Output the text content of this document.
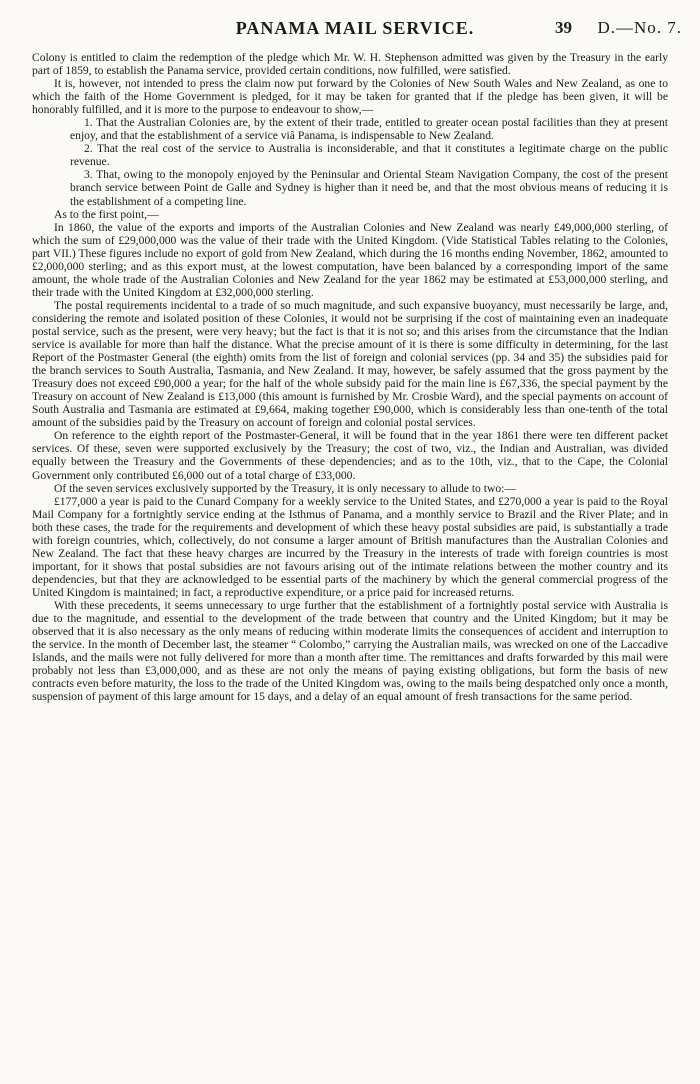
PANAMA MAIL SERVICE.	39 D.—No. 7.

Colony is entitled to claim the redemption of the pledge which Mr. W. H. Stephenson admitted was given by the Treasury in the early part of 1859, to establish the Panama service, provided certain conditions, now fulfilled, were satisfied.

It is, however, not intended to press the claim now put forward by the Colonies of New South Wales and New Zealand, as one to which the faith of the Home Government is pledged, for it may be taken for granted that if the pledge has been given, it will be honorably fulfilled, and it is more to the purpose to endeavour to show,—

1. That the Australian Colonies are, by the extent of their trade, entitled to greater ocean postal facilities than they at present enjoy, and that the establishment of a service viâ Panama, is indispensable to New Zealand.

2. That the real cost of the service to Australia is inconsiderable, and that it constitutes a legitimate charge on the public revenue.

3. That, owing to the monopoly enjoyed by the Peninsular and Oriental Steam Navigation Company, the cost of the present branch service between Point de Galle and Sydney is higher than it need be, and that the most obvious means of reducing it is the establishment of a competing line.

As to the first point,—

In 1860, the value of the exports and imports of the Australian Colonies and New Zealand was nearly £49,000,000 sterling, of which the sum of £29,000,000 was the value of their trade with the United Kingdom. (Vide Statistical Tables relating to the Colonies, part VII.) These figures include no export of gold from New Zealand, which during the 16 months ending November, 1862, amounted to £2,000,000 sterling; and as this export must, at the lowest computation, have been balanced by a corresponding import of the same amount, the whole trade of the Australian Colonies and New Zealand for the year 1862 may be estimated at £53,000,000 sterling, and their trade with the United Kingdom at £32,000,000 sterling.

The postal requirements incidental to a trade of so much magnitude, and such expansive buoyancy, must necessarily be large, and, considering the remote and isolated position of these Colonies, it would not be surprising if the cost of maintaining even an inadequate postal service, such as the present, were very heavy; but the fact is that it is not so; and this arises from the circumstance that the Indian service is available for more than half the distance. What the precise amount of it is there is some difficulty in determining, for the last Report of the Postmaster General (the eighth) omits from the list of foreign and colonial services (pp. 34 and 35) the subsidies paid for the branch services to South Australia, Tasmania, and New Zealand. It may, however, be safely assumed that the gross payment by the Treasury does not exceed £90,000 a year; for the half of the whole subsidy paid for the main line is £67,336, the special payment by the Treasury on account of New Zealand is £13,000 (this amount is furnished by Mr. Crosbie Ward), and the special payments on account of South Australia and Tasmania are estimated at £9,664, making together £90,000, which is considerably less than one-tenth of the total amount of the subsidies paid by the Treasury on account of foreign and colonial postal services.

On reference to the eighth report of the Postmaster-General, it will be found that in the year 1861 there were ten different packet services. Of these, seven were supported exclusively by the Treasury; the cost of two, viz., the Indian and Australian, was divided equally between the Treasury and the Governments of these dependencies; and as to the 10th, viz., that to the Cape, the Colonial Government only contributed £6,000 out of a total charge of £33,000.

Of the seven services exclusively supported by the Treasury, it is only necessary to allude to two:—

£177,000 a year is paid to the Cunard Company for a weekly service to the United States, and £270,000 a year is paid to the Royal Mail Company for a fortnightly service ending at the Isthmus of Panama, and a monthly service to Brazil and the River Plate; and in both these cases, the trade for the requirements and development of which these heavy postal subsidies are paid, is substantially a trade with foreign countries, which, collectively, do not consume a larger amount of British manufactures than the Australian Colonies and New Zealand. The fact that these heavy charges are incurred by the Treasury in the interests of trade with foreign countries is most important, for it shows that postal subsidies are not favours arising out of the intimate relations between the mother country and its dependencies, but that they are acknowledged to be essential parts of the machinery by which the general commercial progress of the United Kingdom is maintained; in fact, a reproductive expenditure, or a price paid for increased returns.

With these precedents, it seems unnecessary to urge further that the establishment of a fortnightly postal service with Australia is due to the magnitude, and essential to the development of the trade between that country and the United Kingdom; but it may be observed that it is also necessary as the only means of reducing within moderate limits the consequences of accident and interruption to the service. In the month of December last, the steamer “ Colombo,” carrying the Australian mails, was wrecked on one of the Laccadive Islands, and the mails were not fully delivered for more than a month after time. The remittances and drafts forwarded by this mail were probably not less than £3,000,000, and as these are not only the means of paying existing obligations, but form the basis of new contracts even before maturity, the loss to the trade of the United Kingdom was, owing to the mails being despatched only once a month, suspension of payment of this large amount for 15 days, and a delay of an equal amount of fresh transactions for the same period.
